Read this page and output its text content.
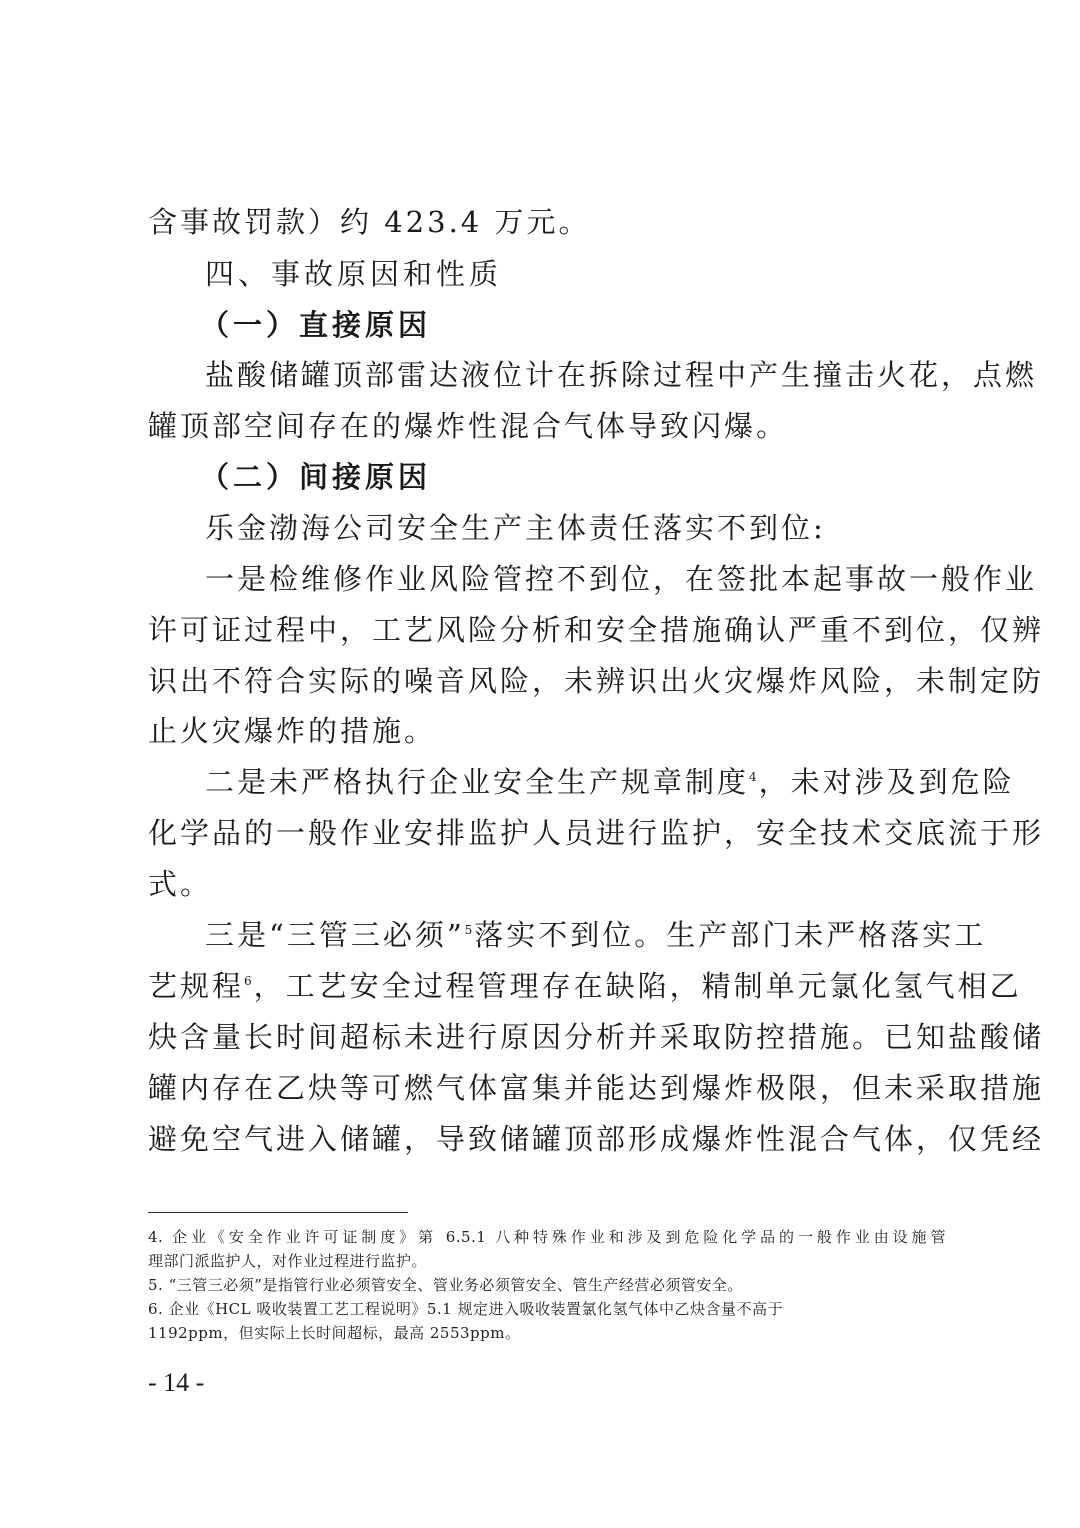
含事故罚款）约 423.4 万元。
四、事故原因和性质
（一）直接原因
盐酸储罐顶部雷达液位计在拆除过程中产生撞击火花，点燃
罐顶部空间存在的爆炸性混合气体导致闪爆。
（二）间接原因
乐金渤海公司安全生产主体责任落实不到位:
一是检维修作业风险管控不到位，在签批本起事故一般作业
许可证过程中，工艺风险分析和安全措施确认严重不到位，仅辨
识出不符合实际的噪音风险，未辨识出火灾爆炸风险，未制定防
止火灾爆炸的措施。
二是未严格执行企业安全生产规章制度$^4$，未对涉及到危险
化学品的一般作业安排监护人员进行监护，安全技术交底流于形
式。
三是“三管三必须”$^5$落实不到位。生产部门未严格落实工
艺规程$^6$，工艺安全过程管理存在缺陷，精制单元氯化氢气相乙
炔含量长时间超标未进行原因分析并采取防控措施。已知盐酸储
罐内存在乙炔等可燃气体富集并能达到爆炸极限，但未采取措施
避免空气进入储罐，导致储罐顶部形成爆炸性混合气体，仅凭经
4. 企业《安全作业许可证制度》第 6.5.1 八种特殊作业和涉及到危险化学品的一般作业由设施管
理部门派监护人，对作业过程进行监护。
5. “三管三必须”是指管行业必须管安全、管业务必须管安全、管生产经营必须管安全。
6. 企业《HCL 吸收装置工艺工程说明》5.1 规定进入吸收装置氯化氢气体中乙炔含量不高于
1192ppm，但实际上长时间超标，最高 2553ppm。
- 14 -
